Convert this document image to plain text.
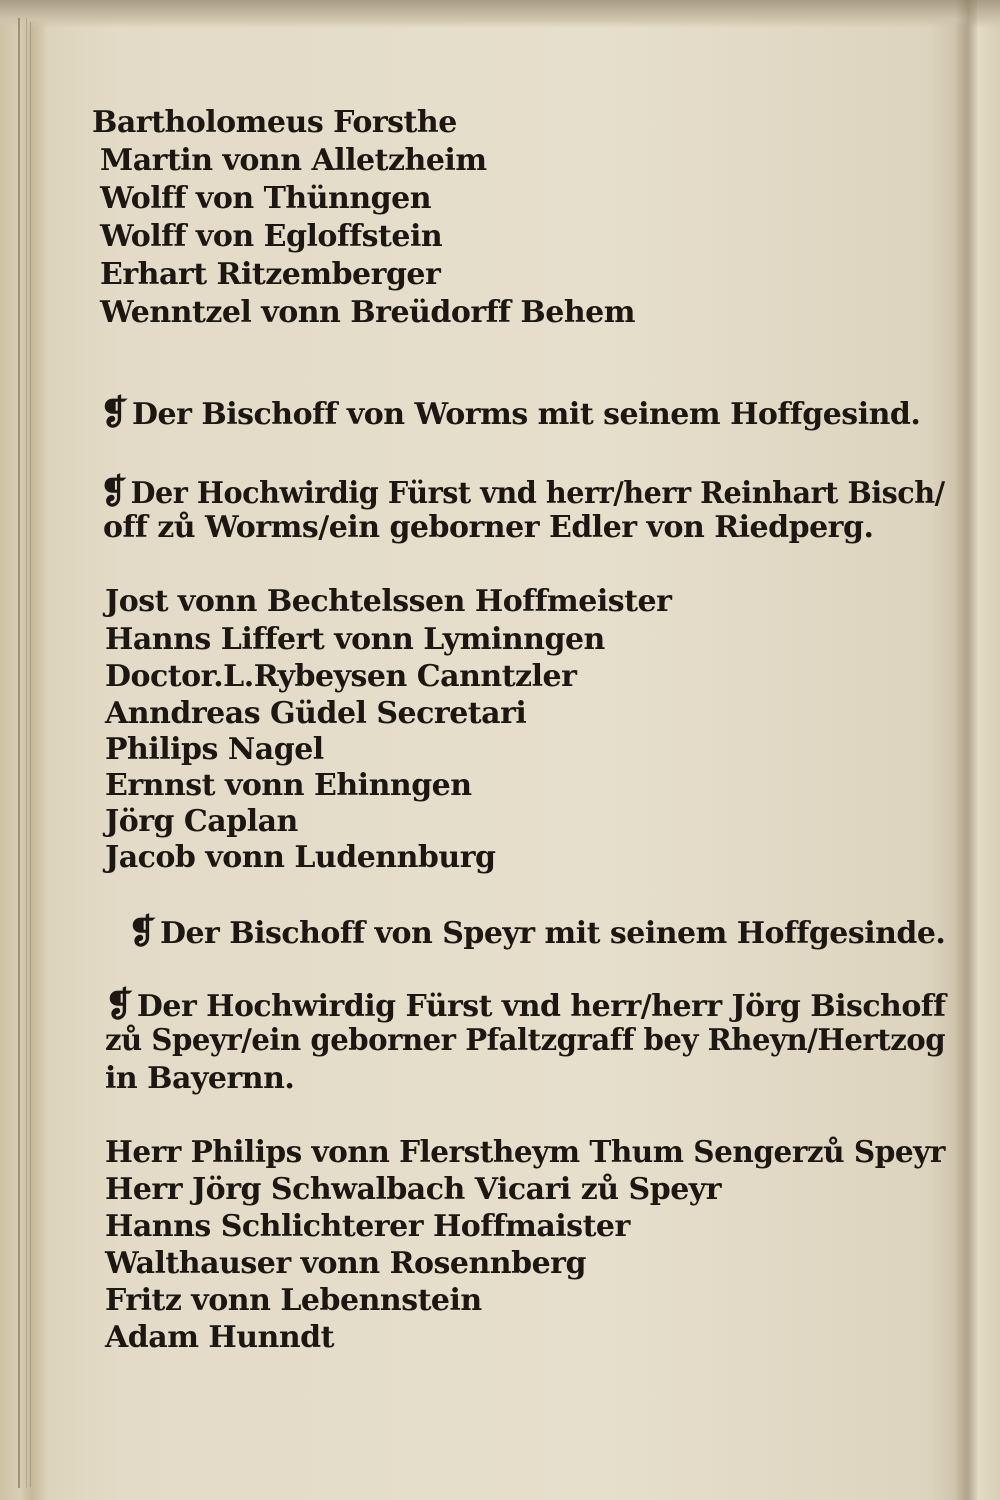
Bartholomeus Forsthe
Martin vonn Alletzheim
Wolff von Thünngen
Wolff von Egloffstein
Erhart Ritzemberger
Wenntzel vonn Breüdorff Behem
❡ Der Bischoff von Worms mit seinem Hoffgesind.
❡ Der Hochwirdig Fürst vnd herr/herr Reinhart Bisch/
off zů Worms/ein geborner Edler von Riedperg.
Jost vonn Bechtelssen Hoffmeister
Hanns Liffert vonn Lyminngen
Doctor.L.Rybeysen Canntzler
Anndreas Güdel Secretari
Philips Nagel
Ernnst vonn Ehinngen
Jörg Caplan
Jacob vonn Ludennburg
❡ Der Bischoff von Speyr mit seinem Hoffgesinde.
❡ Der Hochwirdig Fürst vnd herr/herr Jörg Bischoff
zů Speyr/ein geborner Pfaltzgraff bey Rheyn/Hertzog
in Bayernn.
Herr Philips vonn Flersthеym Thum Sengerzů Speyr
Herr Jörg Schwalbach Vicari zů Speyr
Hanns Schlichterer Hoffmaister
Walthauser vonn Rosennberg
Fritz vonn Lebennstein
Adam Hunndt
